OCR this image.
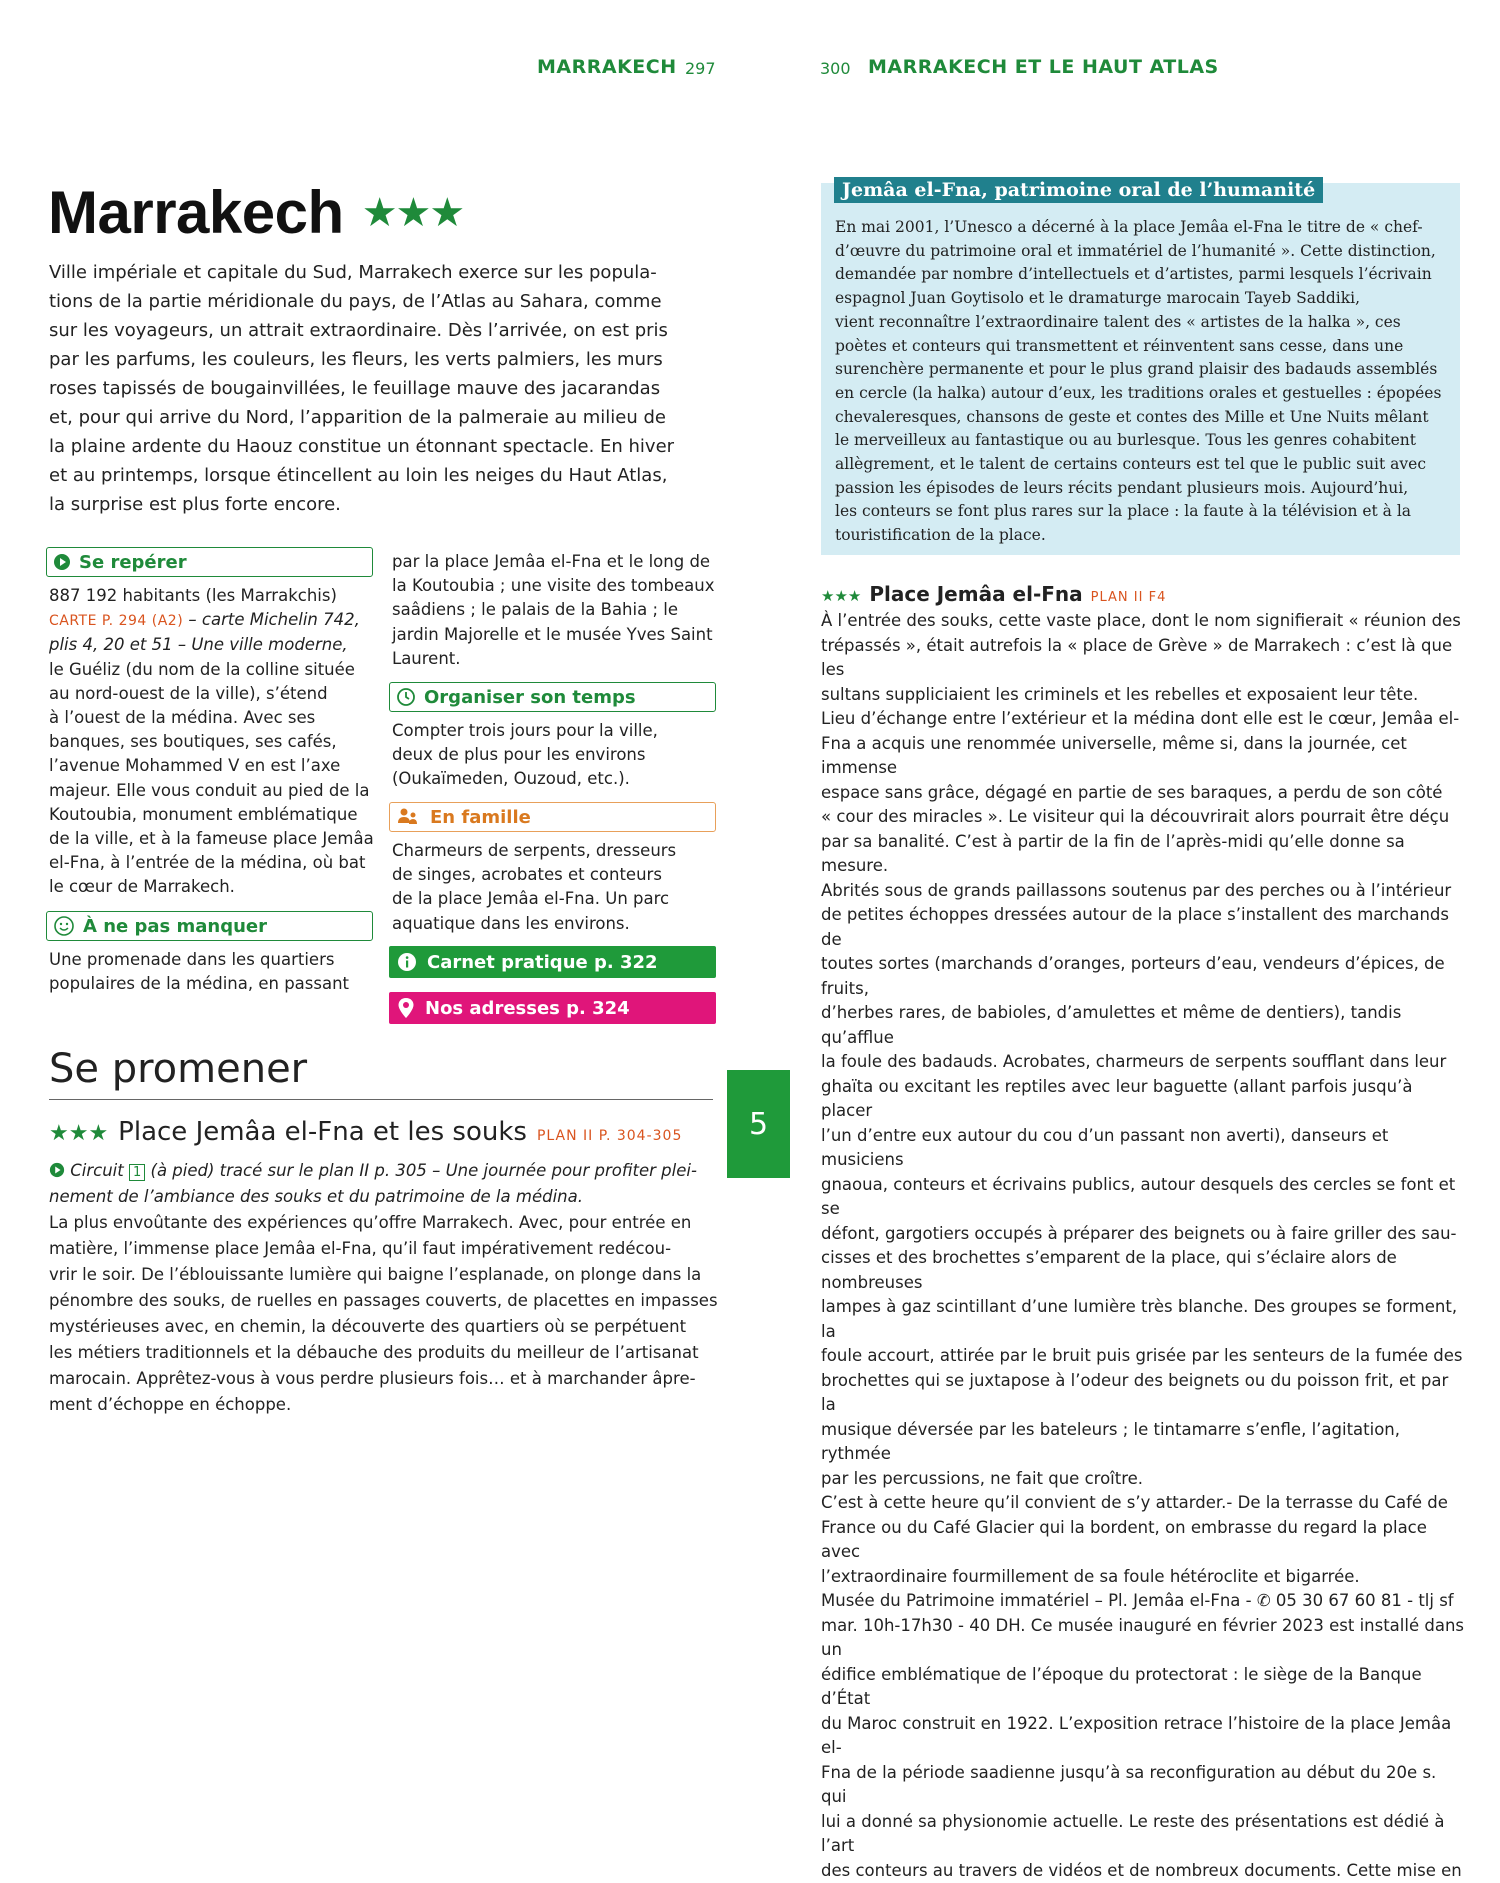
MARRAKECH 297	300 MARRAKECH ET LE HAUT ATLAS
Marrakech ★★★
Ville impériale et capitale du Sud, Marrakech exerce sur les popula-
tions de la partie méridionale du pays, de l’Atlas au Sahara, comme
sur les voyageurs, un attrait extraordinaire. Dès l’arrivée, on est pris
par les parfums, les couleurs, les fleurs, les verts palmiers, les murs
roses tapissés de bougainvillées, le feuillage mauve des jacarandas
et, pour qui arrive du Nord, l’apparition de la palmeraie au milieu de
la plaine ardente du Haouz constitue un étonnant spectacle. En hiver
et au printemps, lorsque étincellent au loin les neiges du Haut Atlas,
la surprise est plus forte encore.
Se repérer
887 192 habitants (les Marrakchis)
CARTE P. 294 (A2) – carte Michelin 742,
plis 4, 20 et 51 – Une ville moderne,
le Guéliz (du nom de la colline située
au nord-ouest de la ville), s’étend
à l’ouest de la médina. Avec ses
banques, ses boutiques, ses cafés,
l’avenue Mohammed V en est l’axe
majeur. Elle vous conduit au pied de la
Koutoubia, monument emblématique
de la ville, et à la fameuse place Jemâa
el-Fna, à l’entrée de la médina, où bat
le cœur de Marrakech.
À ne pas manquer
Une promenade dans les quartiers
populaires de la médina, en passant
par la place Jemâa el-Fna et le long de
la Koutoubia ; une visite des tombeaux
saâdiens ; le palais de la Bahia ; le
jardin Majorelle et le musée Yves Saint
Laurent.
Organiser son temps
Compter trois jours pour la ville,
deux de plus pour les environs
(Oukaïmeden, Ouzoud, etc.).
En famille
Charmeurs de serpents, dresseurs
de singes, acrobates et conteurs
de la place Jemâa el-Fna. Un parc
aquatique dans les environs.
Carnet pratique p. 322
Nos adresses p. 324
Se promener
★★★ Place Jemâa el-Fna et les souks PLAN II P. 304-305
Circuit 1 (à pied) tracé sur le plan II p. 305 – Une journée pour profiter plei-
nement de l’ambiance des souks et du patrimoine de la médina.
La plus envoûtante des expériences qu’offre Marrakech. Avec, pour entrée en
matière, l’immense place Jemâa el-Fna, qu’il faut impérativement redécou-
vrir le soir. De l’éblouissante lumière qui baigne l’esplanade, on plonge dans la
pénombre des souks, de ruelles en passages couverts, de placettes en impasses
mystérieuses avec, en chemin, la découverte des quartiers où se perpétuent
les métiers traditionnels et la débauche des produits du meilleur de l’artisanat
marocain. Apprêtez-vous à vous perdre plusieurs fois… et à marchander âpre-
ment d’échoppe en échoppe.
5
Jemâa el-Fna, patrimoine oral de l’humanité
En mai 2001, l’Unesco a décerné à la place Jemâa el-Fna le titre de « chef-
d’œuvre du patrimoine oral et immatériel de l’humanité ». Cette distinction,
demandée par nombre d’intellectuels et d’artistes, parmi lesquels l’écrivain
espagnol Juan Goytisolo et le dramaturge marocain Tayeb Saddiki,
vient reconnaître l’extraordinaire talent des « artistes de la halka », ces
poètes et conteurs qui transmettent et réinventent sans cesse, dans une
surenchère permanente et pour le plus grand plaisir des badauds assemblés
en cercle (la halka) autour d’eux, les traditions orales et gestuelles : épopées
chevaleresques, chansons de geste et contes des Mille et Une Nuits mêlant
le merveilleux au fantastique ou au burlesque. Tous les genres cohabitent
allègrement, et le talent de certains conteurs est tel que le public suit avec
passion les épisodes de leurs récits pendant plusieurs mois. Aujourd’hui,
les conteurs se font plus rares sur la place : la faute à la télévision et à la
touristification de la place.
★★★ Place Jemâa el-Fna PLAN II F4
À l’entrée des souks, cette vaste place, dont le nom signifierait « réunion des
trépassés », était autrefois la « place de Grève » de Marrakech : c’est là que les
sultans suppliciaient les criminels et les rebelles et exposaient leur tête.
Lieu d’échange entre l’extérieur et la médina dont elle est le cœur, Jemâa el-
Fna a acquis une renommée universelle, même si, dans la journée, cet immense
espace sans grâce, dégagé en partie de ses baraques, a perdu de son côté
« cour des miracles ». Le visiteur qui la découvrirait alors pourrait être déçu
par sa banalité. C’est à partir de la fin de l’après-midi qu’elle donne sa mesure.
Abrités sous de grands paillassons soutenus par des perches ou à l’intérieur
de petites échoppes dressées autour de la place s’installent des marchands de
toutes sortes (marchands d’oranges, porteurs d’eau, vendeurs d’épices, de fruits,
d’herbes rares, de babioles, d’amulettes et même de dentiers), tandis qu’afflue
la foule des badauds. Acrobates, charmeurs de serpents soufflant dans leur
ghaïta ou excitant les reptiles avec leur baguette (allant parfois jusqu’à placer
l’un d’entre eux autour du cou d’un passant non averti), danseurs et musiciens
gnaoua, conteurs et écrivains publics, autour desquels des cercles se font et se
défont, gargotiers occupés à préparer des beignets ou à faire griller des sau-
cisses et des brochettes s’emparent de la place, qui s’éclaire alors de nombreuses
lampes à gaz scintillant d’une lumière très blanche. Des groupes se forment, la
foule accourt, attirée par le bruit puis grisée par les senteurs de la fumée des
brochettes qui se juxtapose à l’odeur des beignets ou du poisson frit, et par la
musique déversée par les bateleurs ; le tintamarre s’enfle, l’agitation, rythmée
par les percussions, ne fait que croître.
C’est à cette heure qu’il convient de s’y attarder.- De la terrasse du Café de
France ou du Café Glacier qui la bordent, on embrasse du regard la place avec
l’extraordinaire fourmillement de sa foule hétéroclite et bigarrée.
Musée du Patrimoine immatériel – Pl. Jemâa el-Fna - ✆ 05 30 67 60 81 - tlj sf
mar. 10h-17h30 - 40 DH. Ce musée inauguré en février 2023 est installé dans un
édifice emblématique de l’époque du protectorat : le siège de la Banque d’État
du Maroc construit en 1922. L’exposition retrace l’histoire de la place Jemâa el-
Fna de la période saadienne jusqu’à sa reconfiguration au début du 20e s. qui
lui a donné sa physionomie actuelle. Le reste des présentations est dédié à l’art
des conteurs au travers de vidéos et de nombreux documents. Cette mise en
